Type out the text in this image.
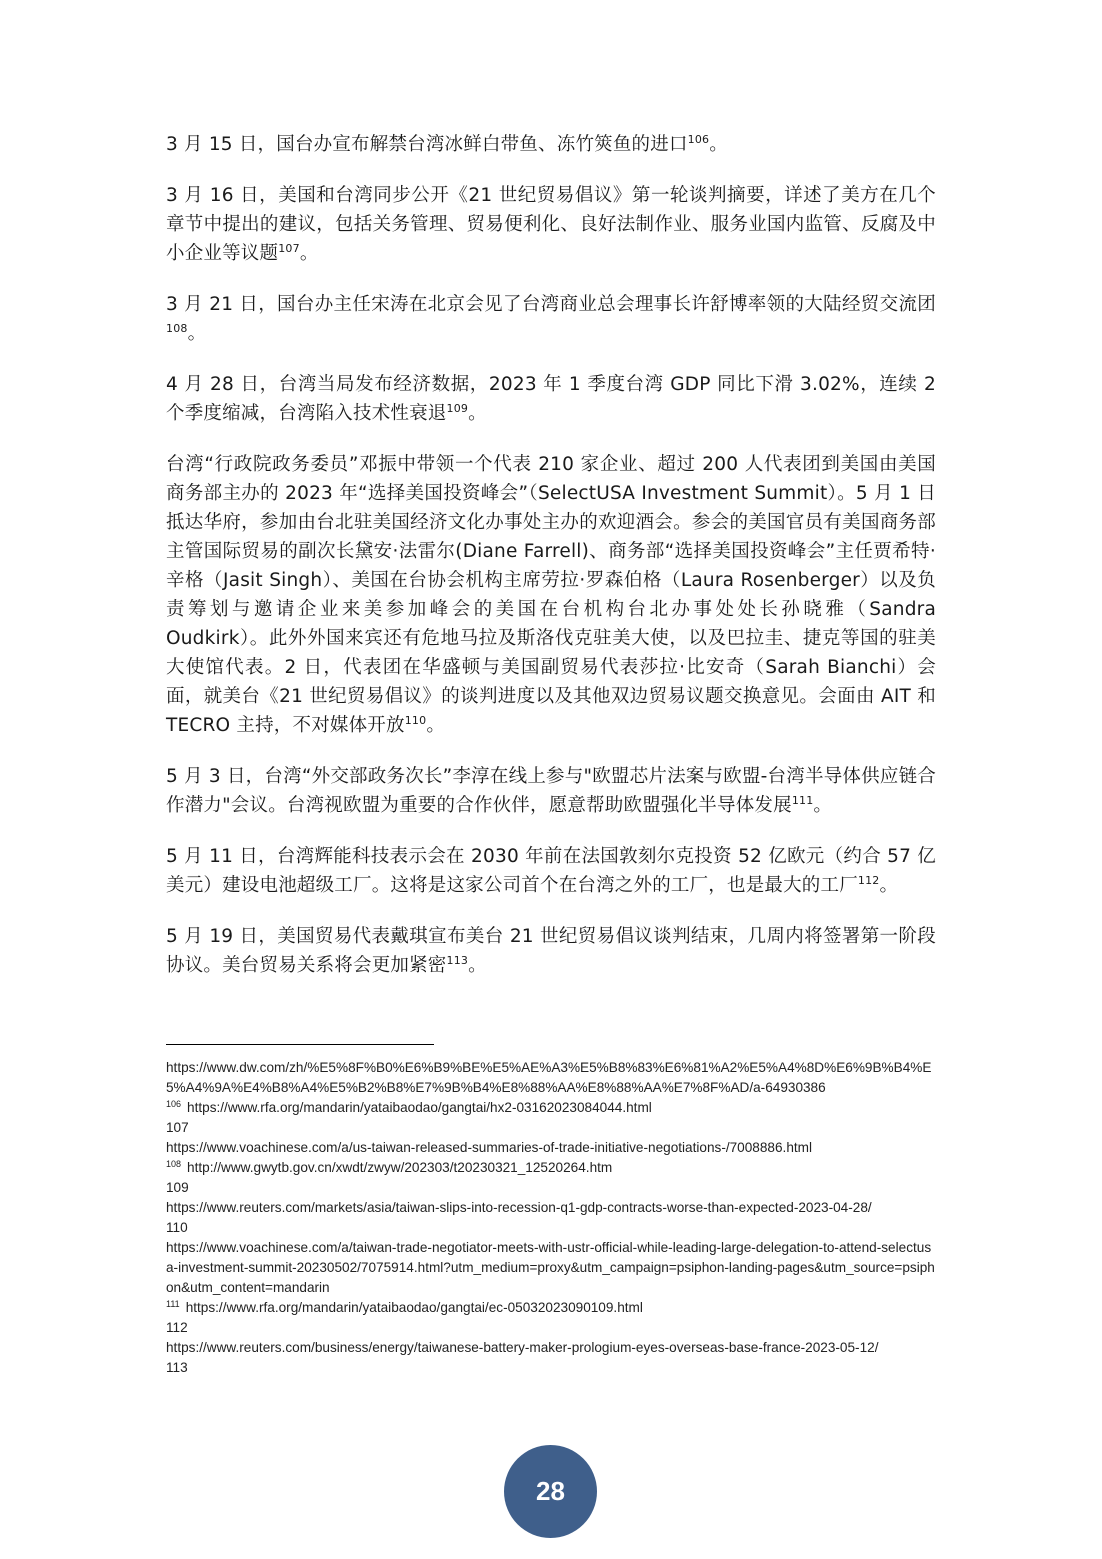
3 月 15 日，国台办宣布解禁台湾冰鲜白带鱼、冻竹筴鱼的进口$^{106}$。

3 月 16 日，美国和台湾同步公开《21 世纪贸易倡议》第一轮谈判摘要，详述了美方在几个章节中提出的建议，包括关务管理、贸易便利化、良好法制作业、服务业国内监管、反腐及中小企业等议题$^{107}$。

3 月 21 日，国台办主任宋涛在北京会见了台湾商业总会理事长许舒博率领的大陆经贸交流团$^{108}$。

4 月 28 日，台湾当局发布经济数据，2023 年 1 季度台湾 GDP 同比下滑 3.02%，连续 2 个季度缩减，台湾陷入技术性衰退$^{109}$。

台湾“行政院政务委员”邓振中带领一个代表 210 家企业、超过 200 人代表团到美国由美国商务部主办的 2023 年“选择美国投资峰会”（SelectUSA Investment Summit）。5 月 1 日抵达华府，参加由台北驻美国经济文化办事处主办的欢迎酒会。参会的美国官员有美国商务部主管国际贸易的副次长黛安·法雷尔(Diane Farrell)、商务部“选择美国投资峰会”主任贾希特·辛格（Jasit Singh）、美国在台协会机构主席劳拉·罗森伯格（Laura Rosenberger）以及负责筹划与邀请企业来美参加峰会的美国在台机构台北办事处处长孙晓雅（Sandra Oudkirk）。此外外国来宾还有危地马拉及斯洛伐克驻美大使，以及巴拉圭、捷克等国的驻美大使馆代表。2 日，代表团在华盛顿与美国副贸易代表莎拉·比安奇（Sarah Bianchi）会面，就美台《21 世纪贸易倡议》的谈判进度以及其他双边贸易议题交换意见。会面由 AIT 和 TECRO 主持，不对媒体开放$^{110}$。

5 月 3 日，台湾“外交部政务次长”李淳在线上参与"欧盟芯片法案与欧盟-台湾半导体供应链合作潜力"会议。台湾视欧盟为重要的合作伙伴，愿意帮助欧盟强化半导体发展$^{111}$。

5 月 11 日，台湾辉能科技表示会在 2030 年前在法国敦刻尔克投资 52 亿欧元（约合 57 亿美元）建设电池超级工厂。这将是这家公司首个在台湾之外的工厂，也是最大的工厂$^{112}$。

5 月 19 日，美国贸易代表戴琪宣布美台 21 世纪贸易倡议谈判结束，几周内将签署第一阶段协议。美台贸易关系将会更加紧密$^{113}$。

https://www.dw.com/zh/%E5%8F%B0%E6%B9%BE%E5%AE%A3%E5%B8%83%E6%81%A2%E5%A4%8D%E6%9B%B4%E5%A4%9A%E4%B8%A4%E5%B2%B8%E7%9B%B4%E8%88%AA%E8%88%AA%E7%8F%AD/a-64930386

$^{106}$ https://www.rfa.org/mandarin/yataibaodao/gangtai/hx2-03162023084044.html

107

https://www.voachinese.com/a/us-taiwan-released-summaries-of-trade-initiative-negotiations-/7008886.html

$^{108}$ http://www.gwytb.gov.cn/xwdt/zwyw/202303/t20230321_12520264.htm

109

https://www.reuters.com/markets/asia/taiwan-slips-into-recession-q1-gdp-contracts-worse-than-expected-2023-04-28/

110

https://www.voachinese.com/a/taiwan-trade-negotiator-meets-with-ustr-official-while-leading-large-delegation-to-attend-selectusa-investment-summit-20230502/7075914.html?utm_medium=proxy&utm_campaign=psiphon-landing-pages&utm_source=psiphon&utm_content=mandarin

$^{111}$ https://www.rfa.org/mandarin/yataibaodao/gangtai/ec-05032023090109.html

112

https://www.reuters.com/business/energy/taiwanese-battery-maker-prologium-eyes-overseas-base-france-2023-05-12/

113
28
